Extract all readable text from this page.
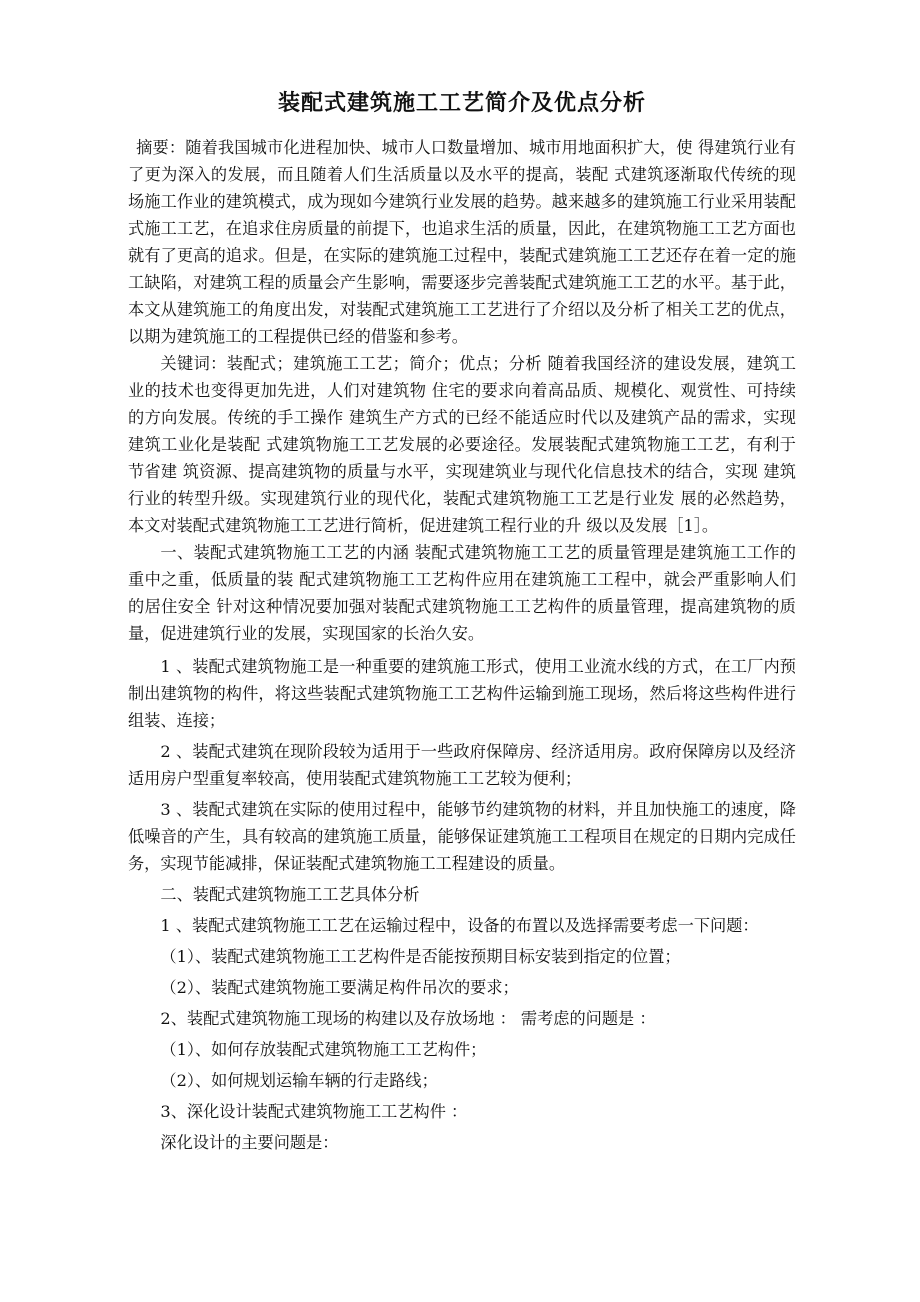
装配式建筑施工工艺简介及优点分析

摘要：随着我国城市化进程加快、城市人口数量增加、城市用地面积扩大，使 得建筑行业有了更为深入的发展，而且随着人们生活质量以及水平的提高，装配 式建筑逐渐取代传统的现场施工作业的建筑模式，成为现如今建筑行业发展的趋势。越来越多的建筑施工行业采用装配式施工工艺，在追求住房质量的前提下，也追求生活的质量，因此，在建筑物施工工艺方面也就有了更高的追求。但是，在实际的建筑施工过程中，装配式建筑施工工艺还存在着一定的施工缺陷，对建筑工程的质量会产生影响，需要逐步完善装配式建筑施工工艺的水平。基于此，本文从建筑施工的角度出发，对装配式建筑施工工艺进行了介绍以及分析了相关工艺的优点，以期为建筑施工的工程提供已经的借鉴和参考。

关键词：装配式；建筑施工工艺；简介；优点；分析 随着我国经济的建设发展，建筑工业的技术也变得更加先进，人们对建筑物 住宅的要求向着高品质、规模化、观赏性、可持续的方向发展。传统的手工操作 建筑生产方式的已经不能适应时代以及建筑产品的需求，实现建筑工业化是装配 式建筑物施工工艺发展的必要途径。发展装配式建筑物施工工艺，有利于节省建 筑资源、提高建筑物的质量与水平，实现建筑业与现代化信息技术的结合，实现 建筑行业的转型升级。实现建筑行业的现代化，装配式建筑物施工工艺是行业发 展的必然趋势，本文对装配式建筑物施工工艺进行简析，促进建筑工程行业的升 级以及发展［1］。

一、装配式建筑物施工工艺的内涵 装配式建筑物施工工艺的质量管理是建筑施工工作的重中之重，低质量的装 配式建筑物施工工艺构件应用在建筑施工工程中，就会严重影响人们的居住安全 针对这种情况要加强对装配式建筑物施工工艺构件的质量管理，提高建筑物的质 量，促进建筑行业的发展，实现国家的长治久安。

1 、装配式建筑物施工是一种重要的建筑施工形式，使用工业流水线的方式，在工厂内预制出建筑物的构件，将这些装配式建筑物施工工艺构件运输到施工现场，然后将这些构件进行组装、连接；

2 、装配式建筑在现阶段较为适用于一些政府保障房、经济适用房。政府保障房以及经济适用房户型重复率较高，使用装配式建筑物施工工艺较为便利；

3 、装配式建筑在实际的使用过程中，能够节约建筑物的材料，并且加快施工的速度，降低噪音的产生，具有较高的建筑施工质量，能够保证建筑施工工程项目在规定的日期内完成任务，实现节能减排，保证装配式建筑物施工工程建设的质量。

二、装配式建筑物施工工艺具体分析

1 、装配式建筑物施工工艺在运输过程中，设备的布置以及选择需要考虑一下问题：

（1）、装配式建筑物施工工艺构件是否能按预期目标安装到指定的位置；

（2）、装配式建筑物施工要满足构件吊次的要求；

2、装配式建筑物施工现场的构建以及存放场地 ： 需考虑的问题是 ：

（1）、如何存放装配式建筑物施工工艺构件；

（2）、如何规划运输车辆的行走路线；

3、深化设计装配式建筑物施工工艺构件 ：

深化设计的主要问题是：
